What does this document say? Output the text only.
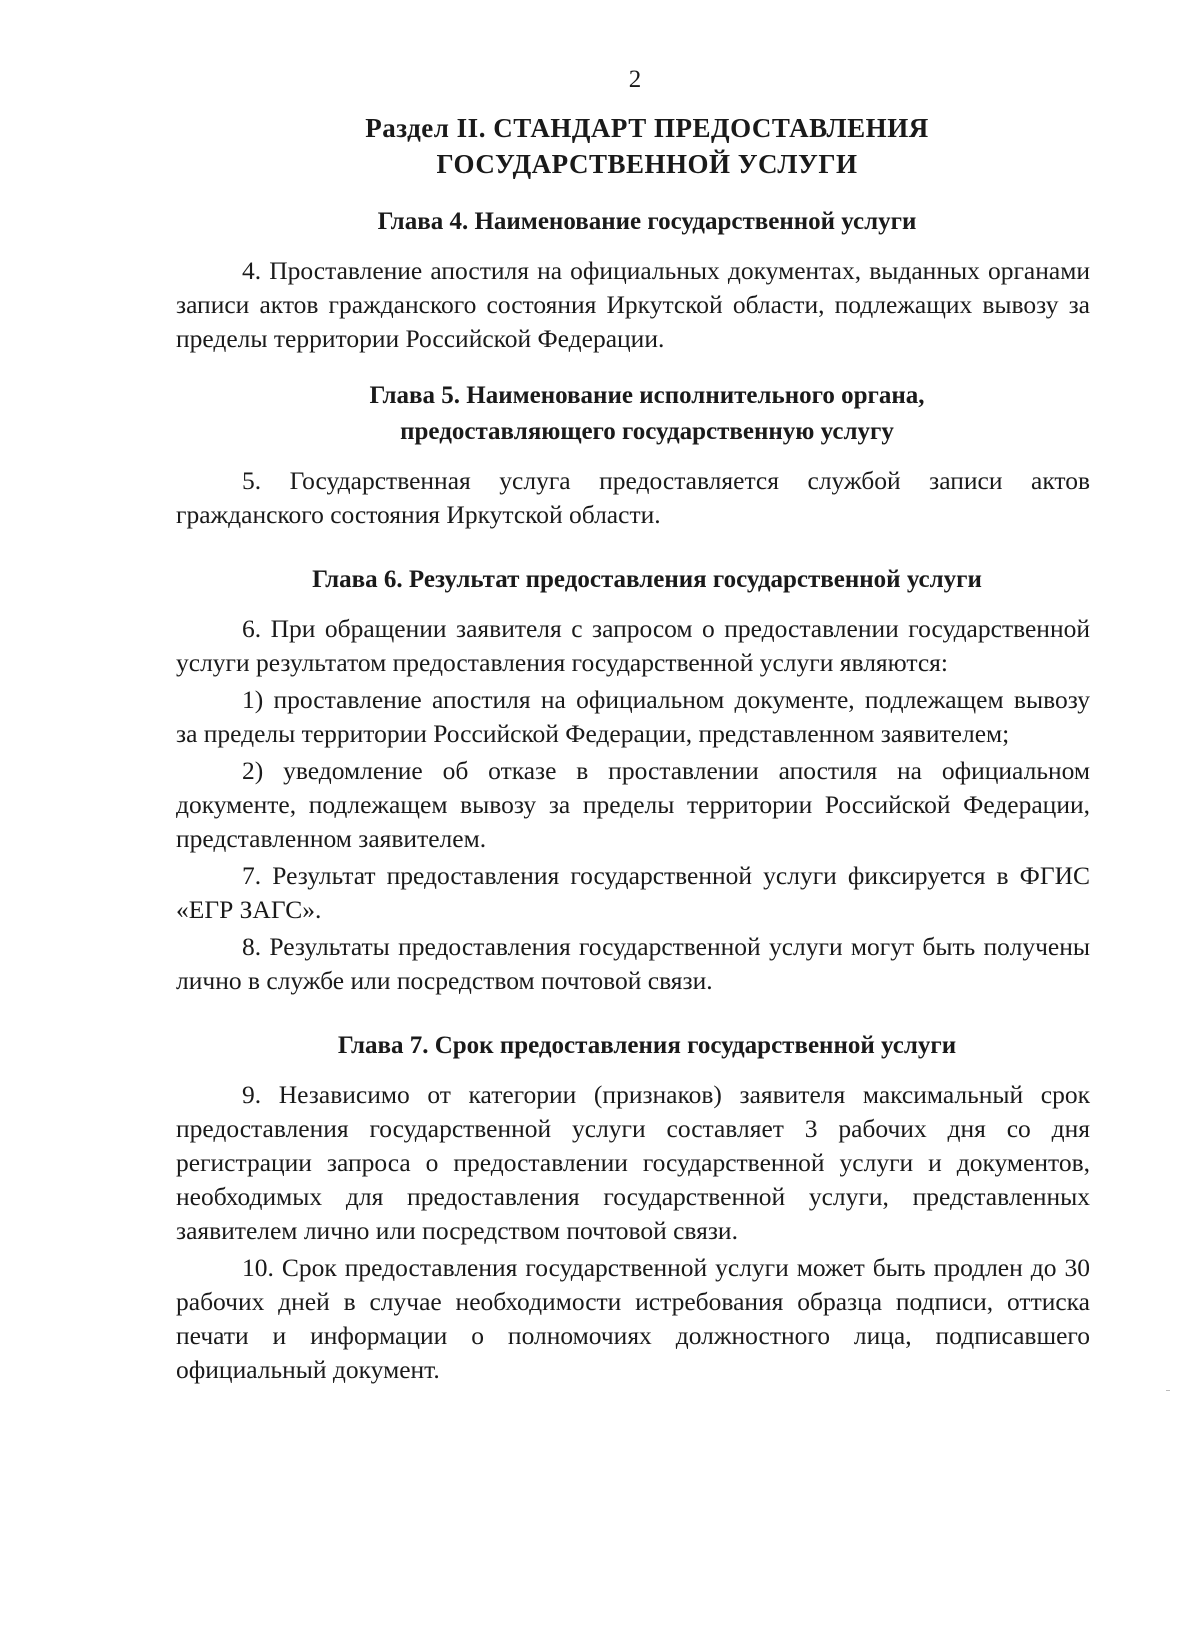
2
Раздел II. СТАНДАРТ ПРЕДОСТАВЛЕНИЯ
ГОСУДАРСТВЕННОЙ УСЛУГИ
Глава 4. Наименование государственной услуги

4. Проставление апостиля на официальных документах, выданных органами записи актов гражданского состояния Иркутской области, подлежащих вывозу за пределы территории Российской Федерации.

Глава 5. Наименование исполнительного органа,
предоставляющего государственную услугу

5. Государственная услуга предоставляется службой записи актов гражданского состояния Иркутской области.

Глава 6. Результат предоставления государственной услуги

6. При обращении заявителя с запросом о предоставлении государственной услуги результатом предоставления государственной услуги являются:

1) проставление апостиля на официальном документе, подлежащем вывозу за пределы территории Российской Федерации, представленном заявителем;

2) уведомление об отказе в проставлении апостиля на официальном документе, подлежащем вывозу за пределы территории Российской Федерации, представленном заявителем.

7. Результат предоставления государственной услуги фиксируется в ФГИС «ЕГР ЗАГС».

8. Результаты предоставления государственной услуги могут быть получены лично в службе или посредством почтовой связи.

Глава 7. Срок предоставления государственной услуги

9. Независимо от категории (признаков) заявителя максимальный срок предоставления государственной услуги составляет 3 рабочих дня со дня регистрации запроса о предоставлении государственной услуги и документов, необходимых для предоставления государственной услуги, представленных заявителем лично или посредством почтовой связи.

10. Срок предоставления государственной услуги может быть продлен до 30 рабочих дней в случае необходимости истребования образца подписи, оттиска печати и информации о полномочиях должностного лица, подписавшего официальный документ.
